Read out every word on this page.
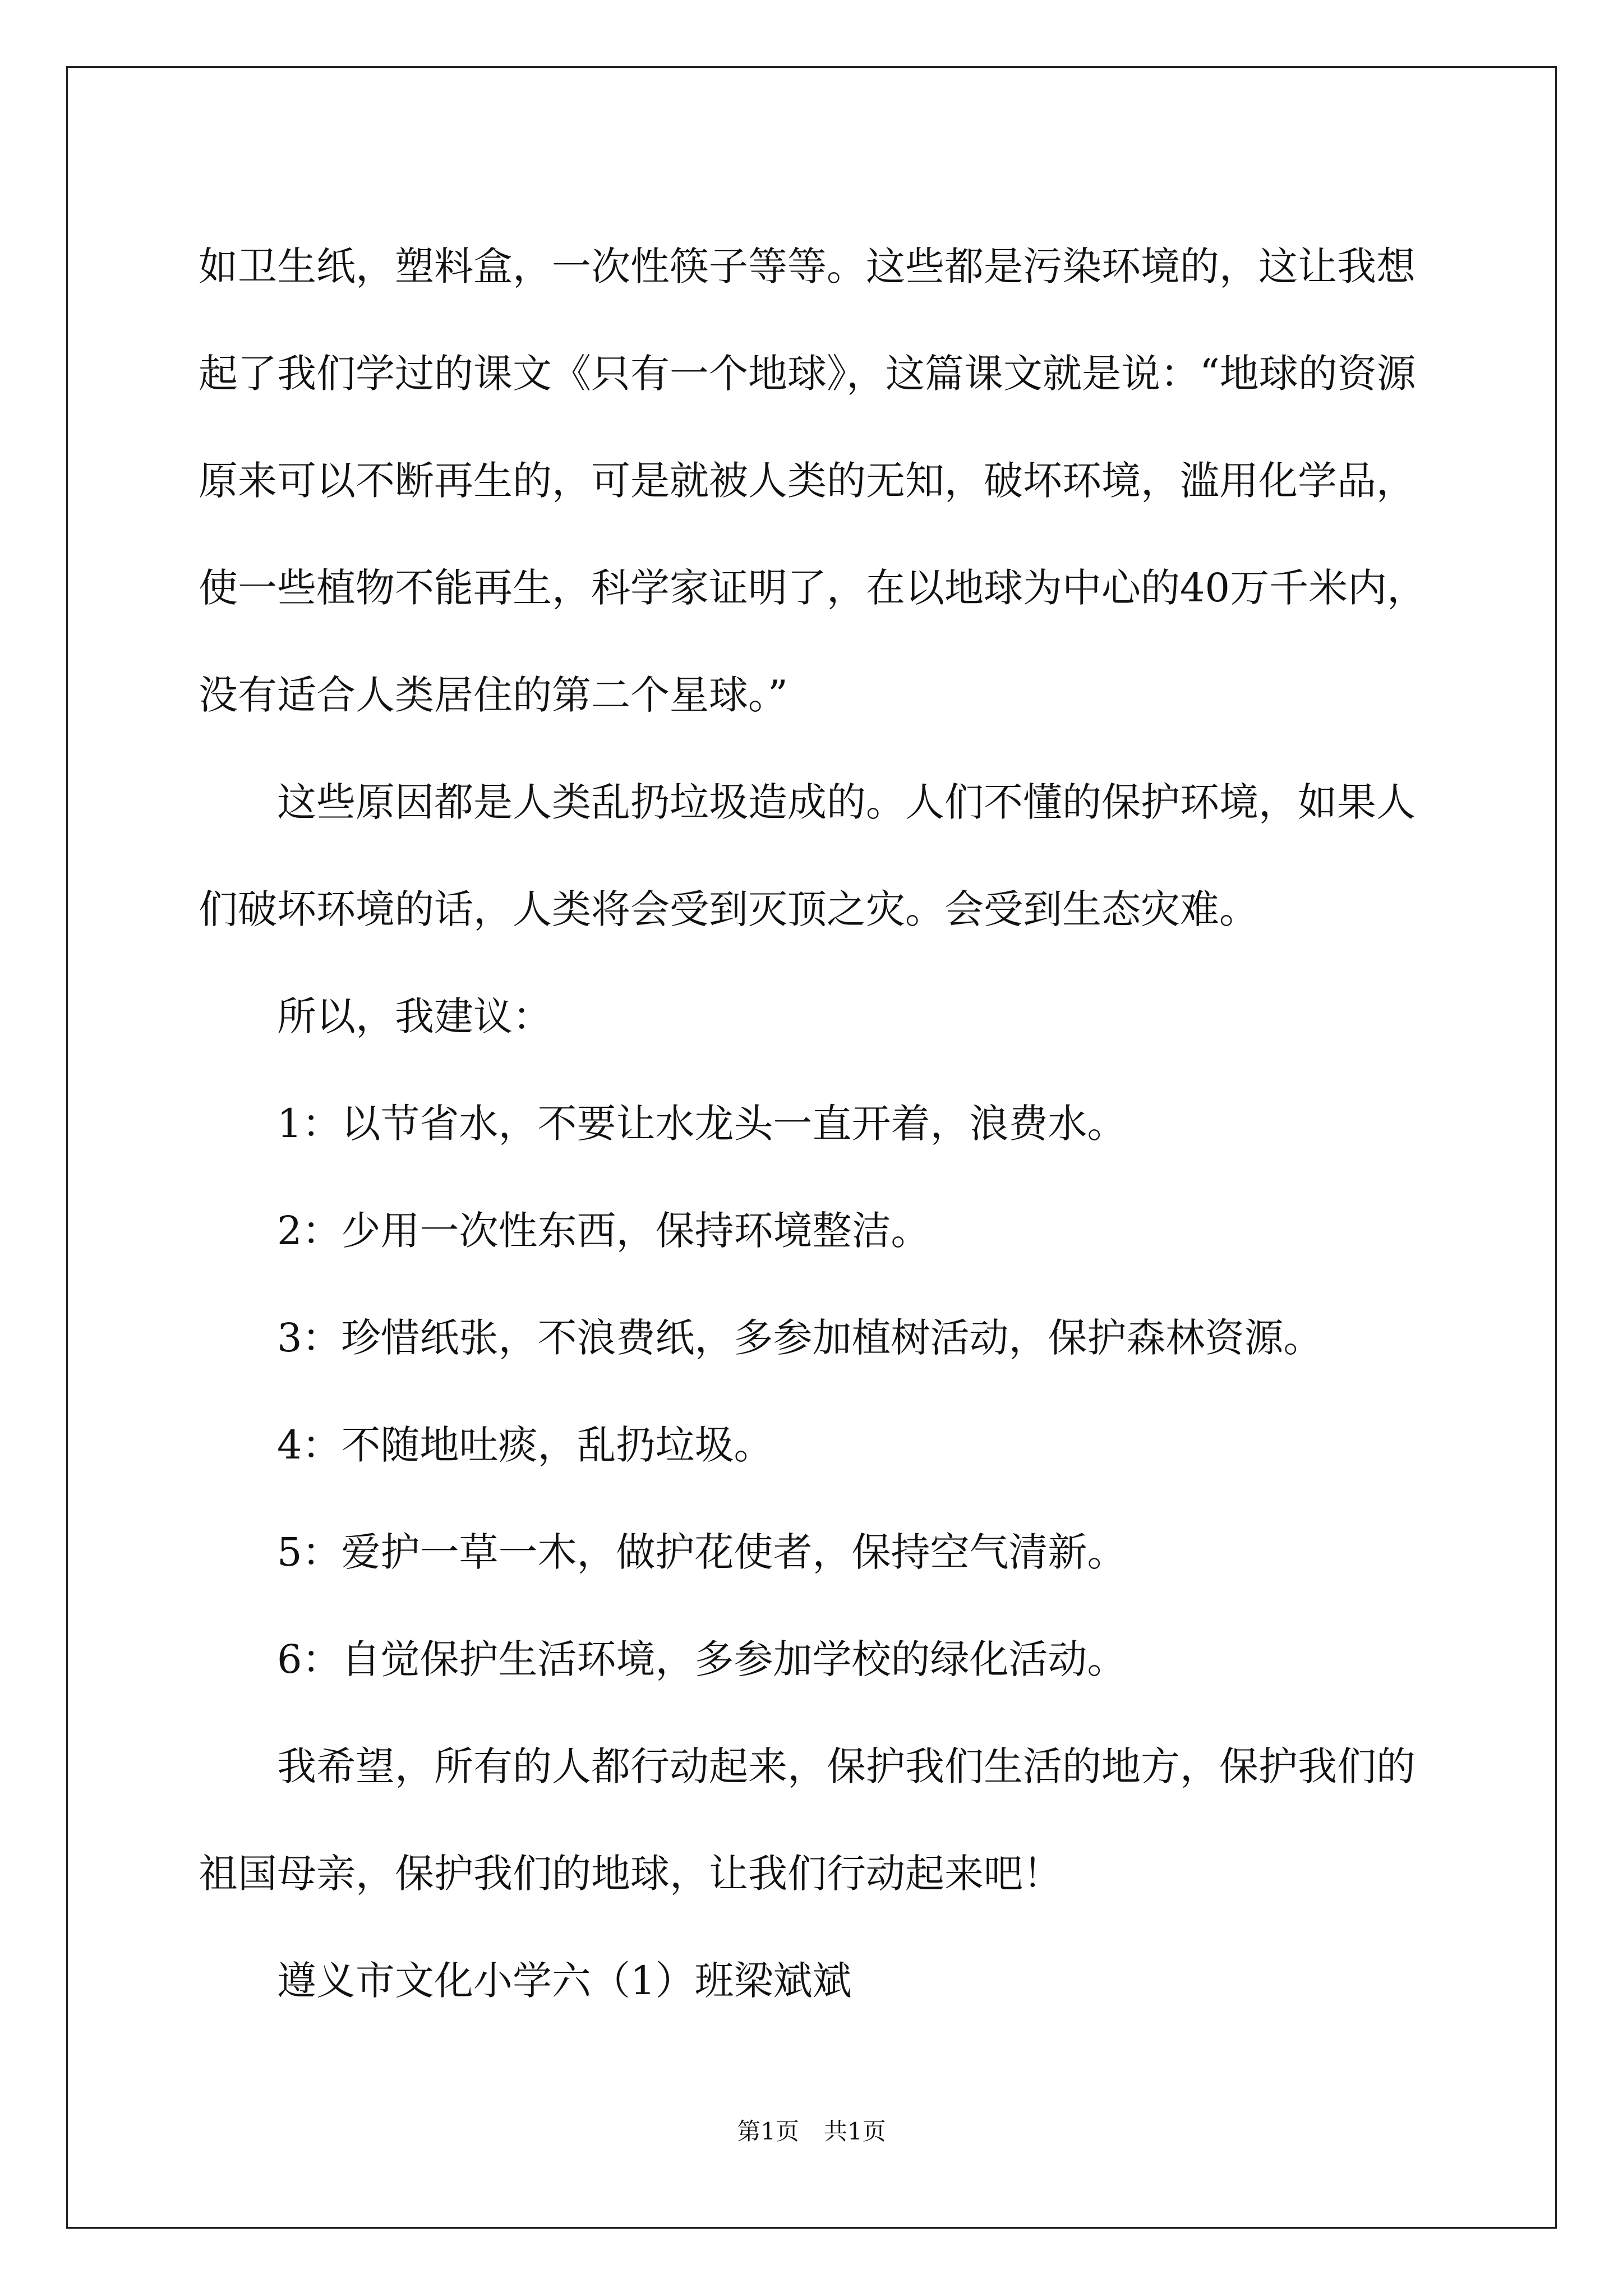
如卫生纸，塑料盒，一次性筷子等等。这些都是污染环境的，这让我想起了我们学过的课文《只有一个地球》，这篇课文就是说：“地球的资源原来可以不断再生的，可是就被人类的无知，破坏环境，滥用化学品，使一些植物不能再生，科学家证明了，在以地球为中心的40万千米内，没有适合人类居住的第二个星球。”

这些原因都是人类乱扔垃圾造成的。人们不懂的保护环境，如果人们破坏环境的话，人类将会受到灭顶之灾。会受到生态灾难。

所以，我建议：

1：以节省水，不要让水龙头一直开着，浪费水。

2：少用一次性东西，保持环境整洁。

3：珍惜纸张，不浪费纸，多参加植树活动，保护森林资源。

4：不随地吐痰，乱扔垃圾。

5：爱护一草一木，做护花使者，保持空气清新。

6：自觉保护生活环境，多参加学校的绿化活动。

我希望，所有的人都行动起来，保护我们生活的地方，保护我们的祖国母亲，保护我们的地球，让我们行动起来吧！

遵义市文化小学六（1）班梁斌斌

第1页 共1页
